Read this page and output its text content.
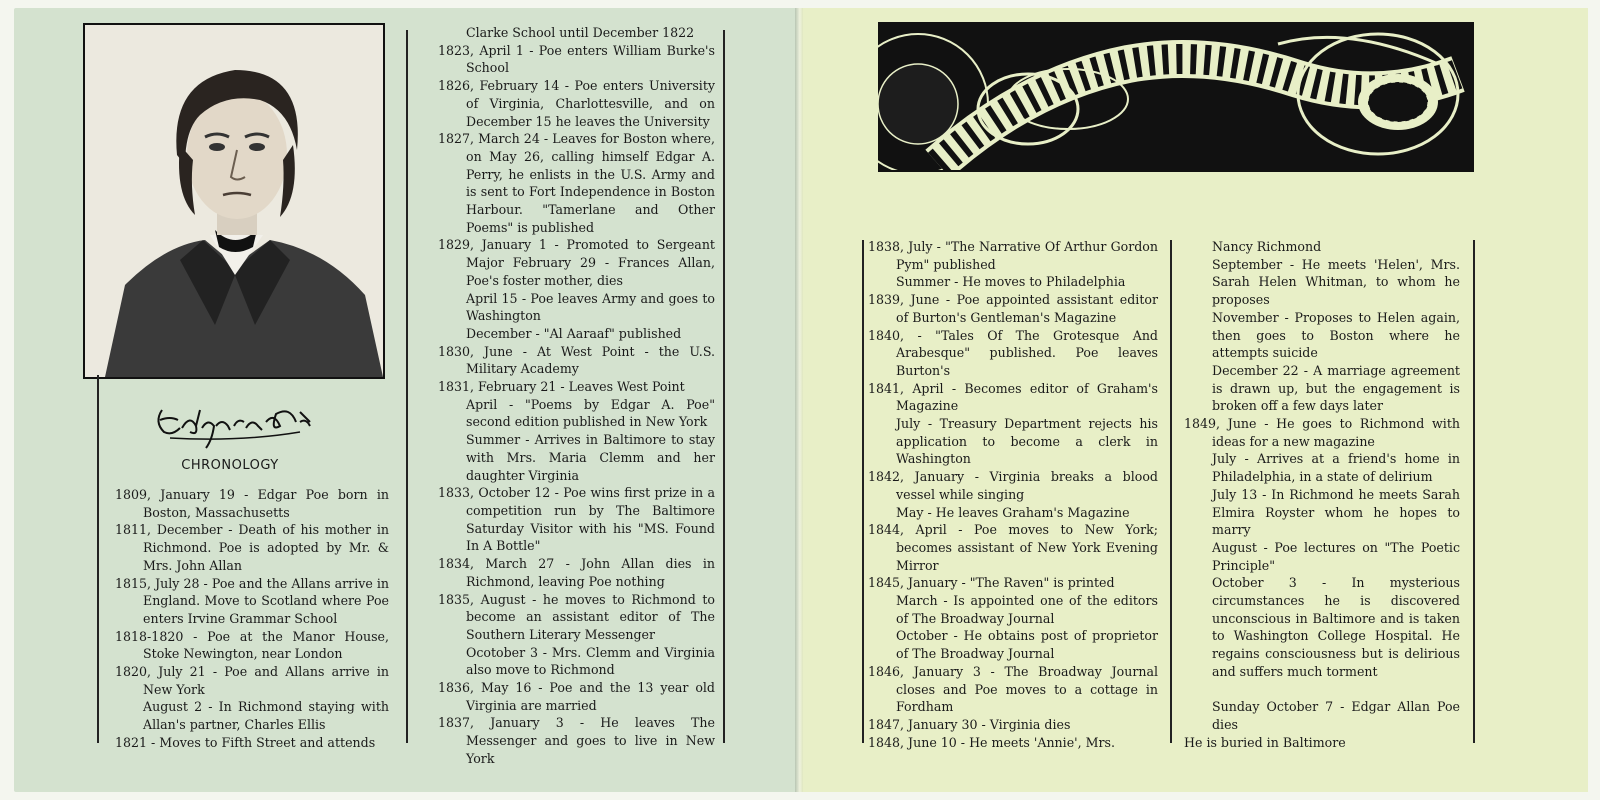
CHRONOLOGY

1809, January 19 - Edgar Poe born in Boston, Massachusetts

1811, December - Death of his mother in Richmond. Poe is adopted by Mr. & Mrs. John Allan

1815, July 28 - Poe and the Allans arrive in England. Move to Scotland where Poe enters Irvine Grammar School

1818-1820 - Poe at the Manor House, Stoke Newington, near London

1820, July 21 - Poe and Allans arrive in New York

August 2 - In Richmond staying with Allan's partner, Charles Ellis

1821 - Moves to Fifth Street and attends

Clarke School until December 1822

1823, April 1 - Poe enters William Burke's School

1826, February 14 - Poe enters University of Virginia, Charlottesville, and on December 15 he leaves the University

1827, March 24 - Leaves for Boston where, on May 26, calling himself Edgar A. Perry, he enlists in the U.S. Army and is sent to Fort Independence in Boston Harbour. "Tamerlane and Other Poems" is published

1829, January 1 - Promoted to Sergeant Major February 29 - Frances Allan, Poe's foster mother, dies

April 15 - Poe leaves Army and goes to Washington

December - "Al Aaraaf" published

1830, June - At West Point - the U.S. Military Academy

1831, February 21 - Leaves West Point

April - "Poems by Edgar A. Poe" second edition published in New York

Summer - Arrives in Baltimore to stay with Mrs. Maria Clemm and her daughter Virginia

1833, October 12 - Poe wins first prize in a competition run by The Baltimore Saturday Visitor with his "MS. Found In A Bottle"

1834, March 27 - John Allan dies in Richmond, leaving Poe nothing

1835, August - he moves to Richmond to become an assistant editor of The Southern Literary Messenger

Ocotober 3 - Mrs. Clemm and Virginia also move to Richmond

1836, May 16 - Poe and the 13 year old Virginia are married

1837, January 3 - He leaves The Messenger and goes to live in New York

1838, July - "The Narrative Of Arthur Gordon Pym" published

Summer - He moves to Philadelphia

1839, June - Poe appointed assistant editor of Burton's Gentleman's Magazine

1840, - "Tales Of The Grotesque And Arabesque" published. Poe leaves Burton's

1841, April - Becomes editor of Graham's Magazine

July - Treasury Department rejects his application to become a clerk in Washington

1842, January - Virginia breaks a blood vessel while singing

May - He leaves Graham's Magazine

1844, April - Poe moves to New York; becomes assistant of New York Evening Mirror

1845, January - "The Raven" is printed

March - Is appointed one of the editors of The Broadway Journal

October - He obtains post of proprietor of The Broadway Journal

1846, January 3 - The Broadway Journal closes and Poe moves to a cottage in Fordham

1847, January 30 - Virginia dies

1848, June 10 - He meets 'Annie', Mrs.

Nancy Richmond

September - He meets 'Helen', Mrs. Sarah Helen Whitman, to whom he proposes

November - Proposes to Helen again, then goes to Boston where he attempts suicide

December 22 - A marriage agreement is drawn up, but the engagement is broken off a few days later

1849, June - He goes to Richmond with ideas for a new magazine

July - Arrives at a friend's home in Philadelphia, in a state of delirium

July 13 - In Richmond he meets Sarah Elmira Royster whom he hopes to marry

August - Poe lectures on "The Poetic Principle"

October 3 - In mysterious circumstances he is discovered unconscious in Baltimore and is taken to Washington College Hospital. He regains consciousness but is delirious and suffers much torment

Sunday October 7 - Edgar Allan Poe dies

He is buried in Baltimore
